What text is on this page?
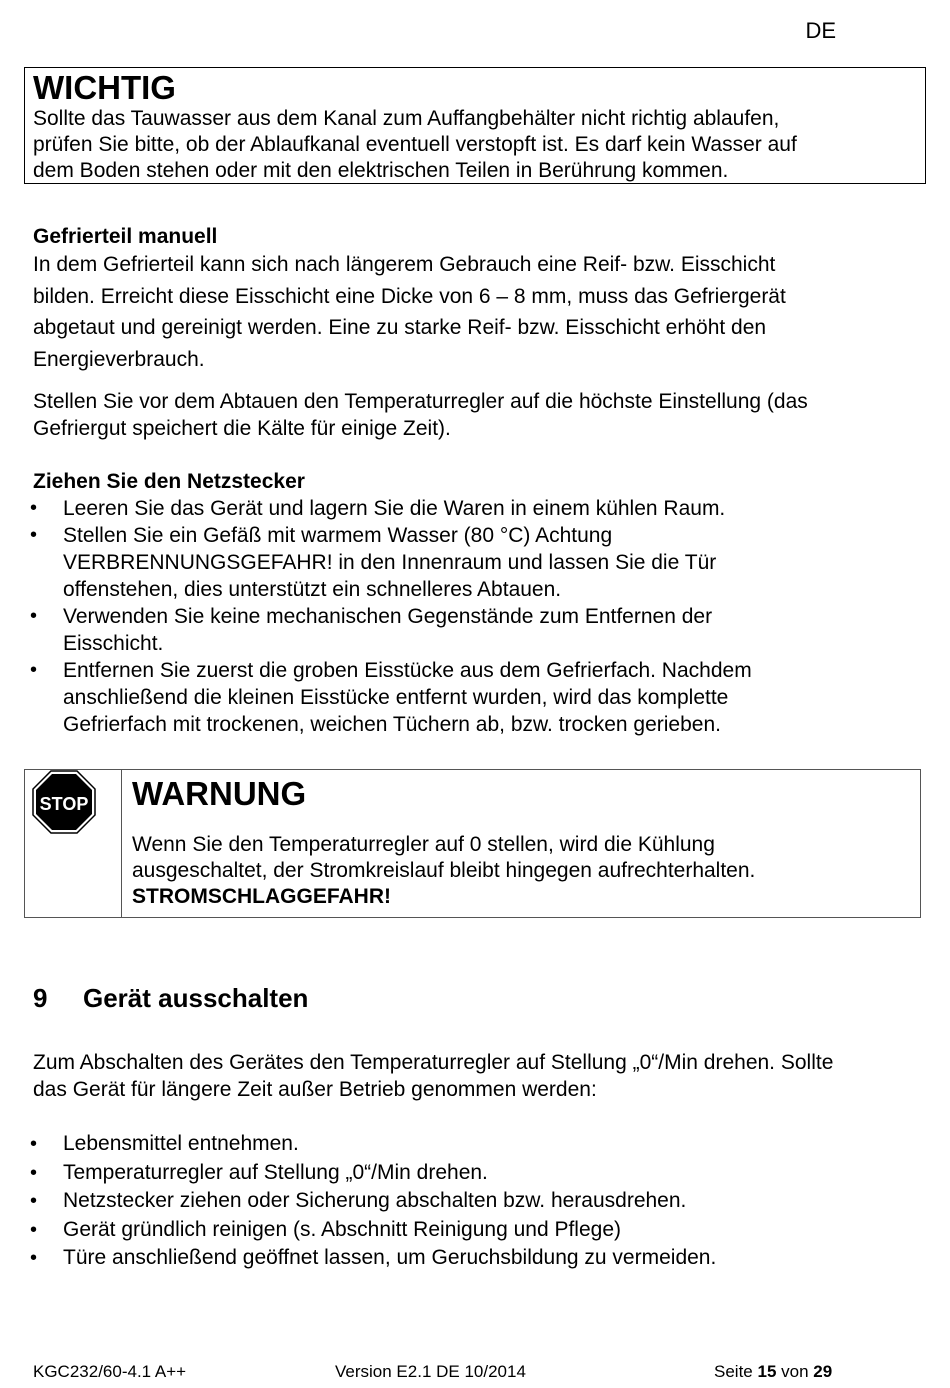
DE
WICHTIG

Sollte das Tauwasser aus dem Kanal zum Auffangbehälter nicht richtig ablaufen,

prüfen Sie bitte, ob der Ablaufkanal eventuell verstopft ist. Es darf kein Wasser auf

dem Boden stehen oder mit den elektrischen Teilen in Berührung kommen.

Gefrierteil manuell

In dem Gefrierteil kann sich nach längerem Gebrauch eine Reif- bzw. Eisschicht

bilden. Erreicht diese Eisschicht eine Dicke von 6 – 8 mm, muss das Gefriergerät

abgetaut und gereinigt werden. Eine zu starke Reif- bzw. Eisschicht erhöht den

Energieverbrauch.

Stellen Sie vor dem Abtauen den Temperaturregler auf die höchste Einstellung (das

Gefriergut speichert die Kälte für einige Zeit).

Ziehen Sie den Netzstecker
• Leeren Sie das Gerät und lagern Sie die Waren in einem kühlen Raum.
• Stellen Sie ein Gefäß mit warmem Wasser (80 °C) Achtung
VERBRENNUNGSGEFAHR! in den Innenraum und lassen Sie die Tür
offenstehen, dies unterstützt ein schnelleres Abtauen.
• Verwenden Sie keine mechanischen Gegenstände zum Entfernen der
Eisschicht.
• Entfernen Sie zuerst die groben Eisstücke aus dem Gefrierfach. Nachdem
anschließend die kleinen Eisstücke entfernt wurden, wird das komplette
Gefrierfach mit trockenen, weichen Tüchern ab, bzw. trocken gerieben.
STOP WARNUNG

Wenn Sie den Temperaturregler auf 0 stellen, wird die Kühlung

ausgeschaltet, der Stromkreislauf bleibt hingegen aufrechterhalten.

STROMSCHLAGGEFAHR!

9 Gerät ausschalten

Zum Abschalten des Gerätes den Temperaturregler auf Stellung „0“/Min drehen. Sollte

das Gerät für längere Zeit außer Betrieb genommen werden:

• Lebensmittel entnehmen.
• Temperaturregler auf Stellung „0“/Min drehen.
• Netzstecker ziehen oder Sicherung abschalten bzw. herausdrehen.
• Gerät gründlich reinigen (s. Abschnitt Reinigung und Pflege)
• Türe anschließend geöffnet lassen, um Geruchsbildung zu vermeiden.
KGC232/60-4.1 A++	Version E2.1 DE 10/2014	Seite 15 von 29
